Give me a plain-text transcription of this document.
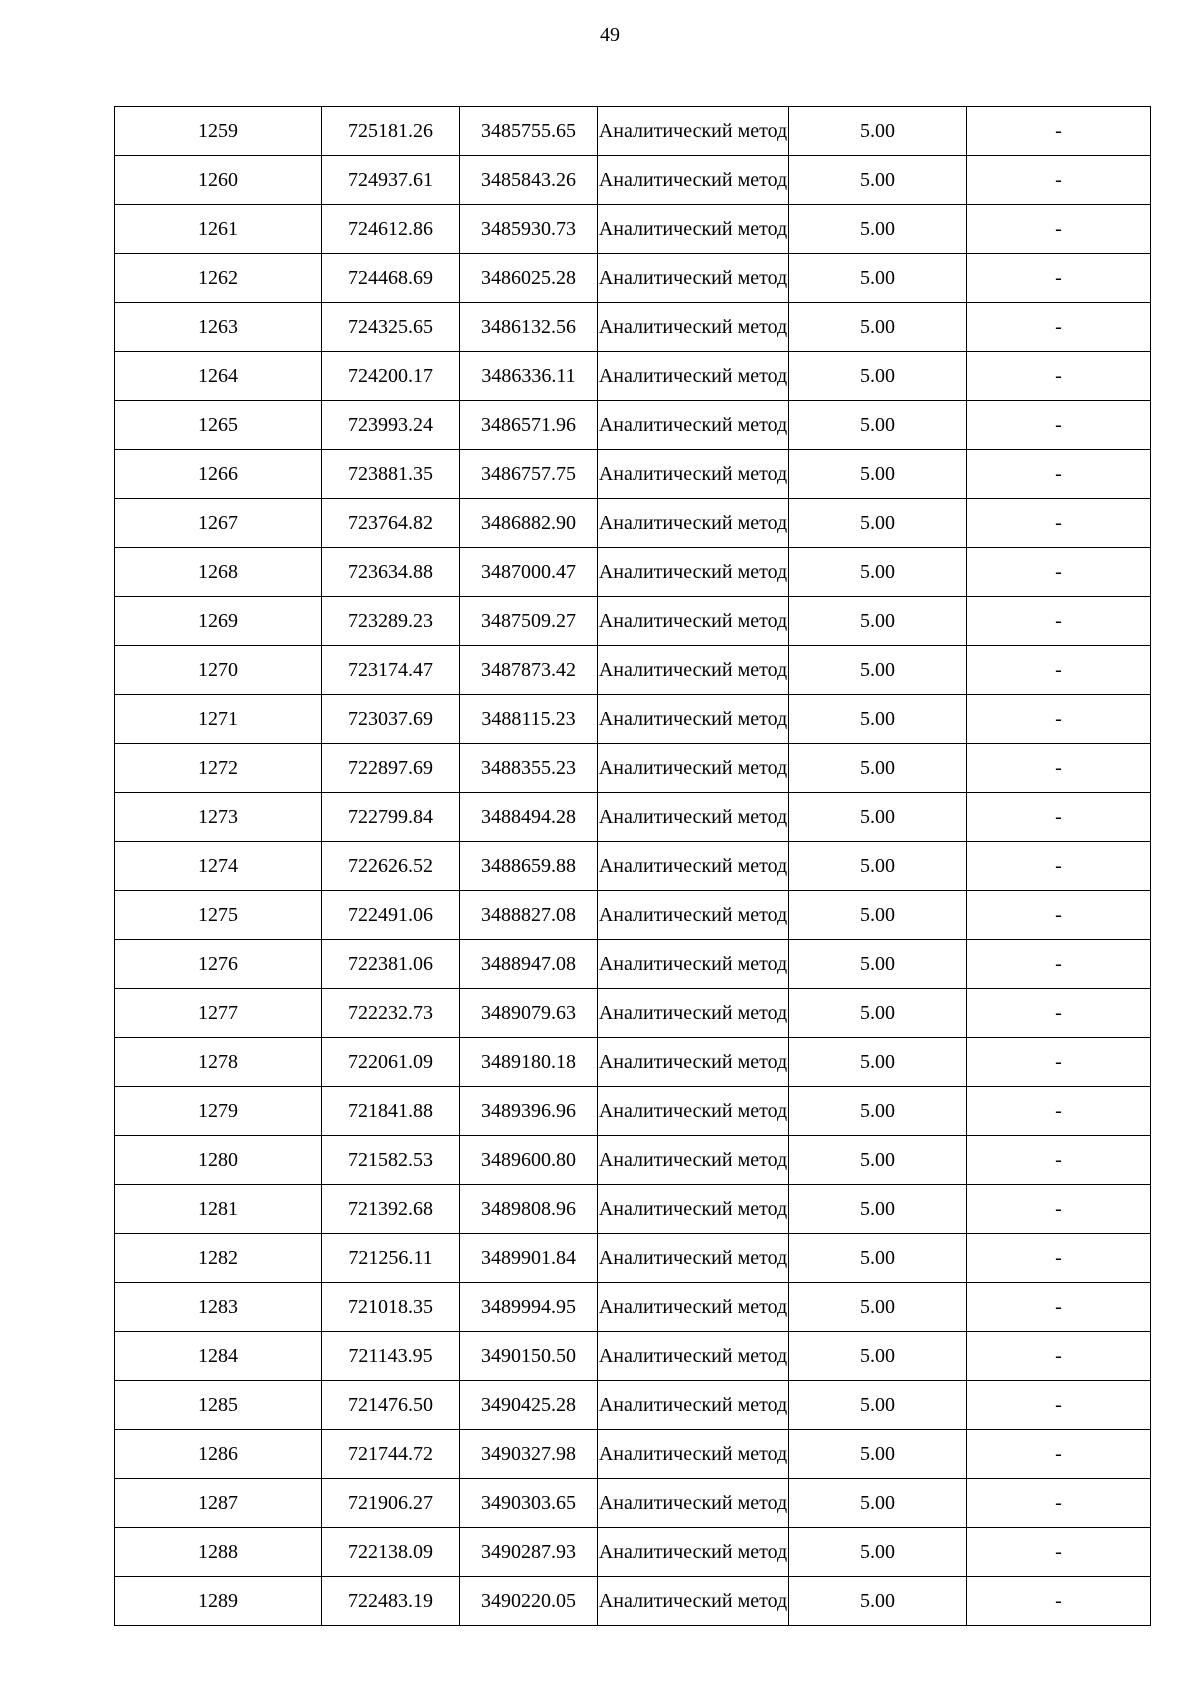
49
1259	725181.26	3485755.65	Аналитический метод	5.00	-
1260	724937.61	3485843.26	Аналитический метод	5.00	-
1261	724612.86	3485930.73	Аналитический метод	5.00	-
1262	724468.69	3486025.28	Аналитический метод	5.00	-
1263	724325.65	3486132.56	Аналитический метод	5.00	-
1264	724200.17	3486336.11	Аналитический метод	5.00	-
1265	723993.24	3486571.96	Аналитический метод	5.00	-
1266	723881.35	3486757.75	Аналитический метод	5.00	-
1267	723764.82	3486882.90	Аналитический метод	5.00	-
1268	723634.88	3487000.47	Аналитический метод	5.00	-
1269	723289.23	3487509.27	Аналитический метод	5.00	-
1270	723174.47	3487873.42	Аналитический метод	5.00	-
1271	723037.69	3488115.23	Аналитический метод	5.00	-
1272	722897.69	3488355.23	Аналитический метод	5.00	-
1273	722799.84	3488494.28	Аналитический метод	5.00	-
1274	722626.52	3488659.88	Аналитический метод	5.00	-
1275	722491.06	3488827.08	Аналитический метод	5.00	-
1276	722381.06	3488947.08	Аналитический метод	5.00	-
1277	722232.73	3489079.63	Аналитический метод	5.00	-
1278	722061.09	3489180.18	Аналитический метод	5.00	-
1279	721841.88	3489396.96	Аналитический метод	5.00	-
1280	721582.53	3489600.80	Аналитический метод	5.00	-
1281	721392.68	3489808.96	Аналитический метод	5.00	-
1282	721256.11	3489901.84	Аналитический метод	5.00	-
1283	721018.35	3489994.95	Аналитический метод	5.00	-
1284	721143.95	3490150.50	Аналитический метод	5.00	-
1285	721476.50	3490425.28	Аналитический метод	5.00	-
1286	721744.72	3490327.98	Аналитический метод	5.00	-
1287	721906.27	3490303.65	Аналитический метод	5.00	-
1288	722138.09	3490287.93	Аналитический метод	5.00	-
1289	722483.19	3490220.05	Аналитический метод	5.00	-
